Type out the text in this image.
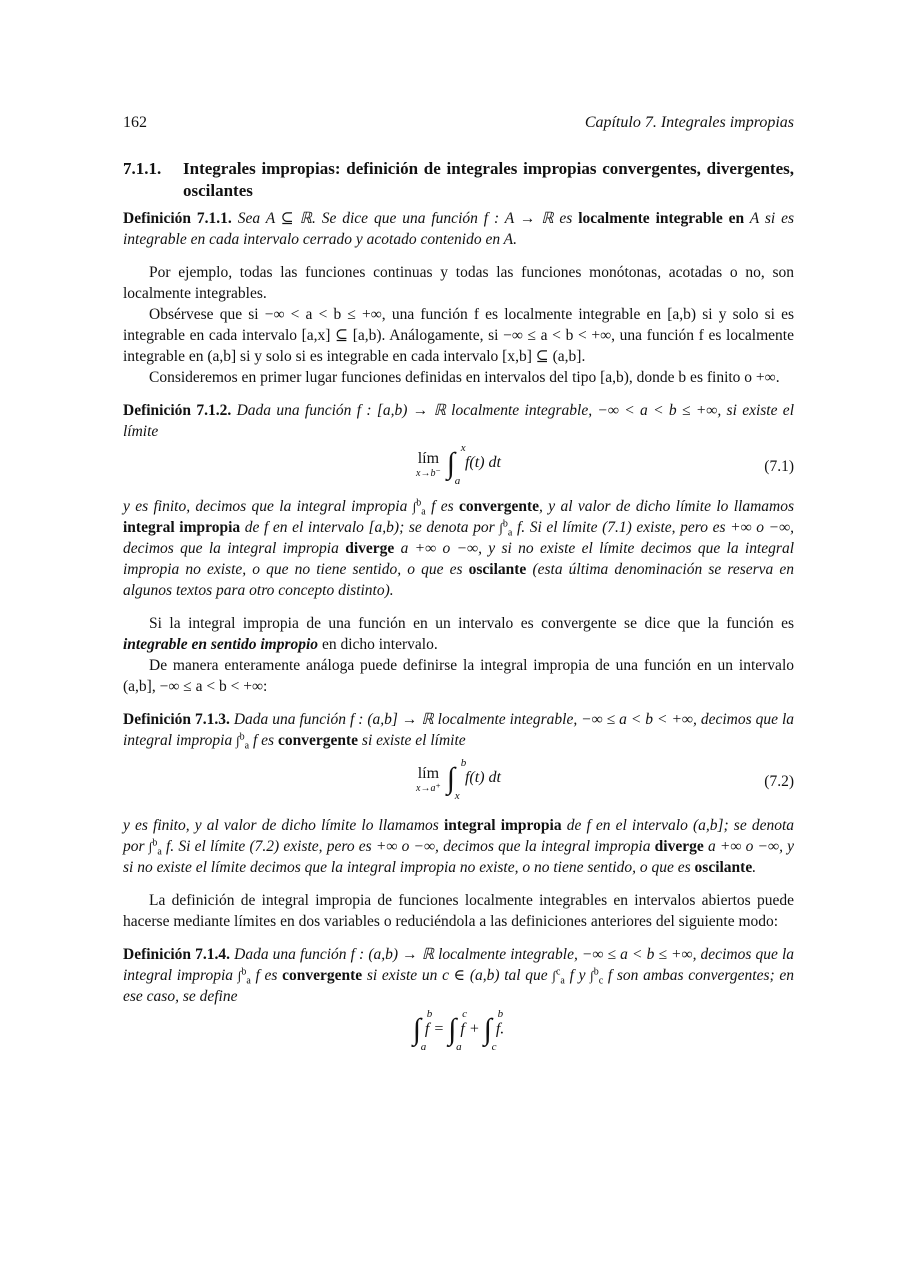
162	Capítulo 7. Integrales impropias
7.1.1. Integrales impropias: definición de integrales impropias convergentes, divergentes, oscilantes

Definición 7.1.1. Sea A ⊆ ℝ. Se dice que una función f : A → ℝ es localmente integrable en A si es integrable en cada intervalo cerrado y acotado contenido en A.

Por ejemplo, todas las funciones continuas y todas las funciones monótonas, acotadas o no, son localmente integrables.

Obsérvese que si −∞ < a < b ≤ +∞, una función f es localmente integrable en [a,b) si y solo si es integrable en cada intervalo [a,x] ⊆ [a,b). Análogamente, si −∞ ≤ a < b < +∞, una función f es localmente integrable en (a,b] si y solo si es integrable en cada intervalo [x,b] ⊆ (a,b].

Consideremos en primer lugar funciones definidas en intervalos del tipo [a,b), donde b es finito o +∞.

Definición 7.1.2. Dada una función f : [a,b) → ℝ localmente integrable, −∞ < a < b ≤ +∞, si existe el límite

lím
x→b⁻ ∫ x
a
f(t) dt	(7.1)

y es finito, decimos que la integral impropia ∫$^b_a$ f es convergente, y al valor de dicho límite lo llamamos integral impropia de f en el intervalo [a,b); se denota por ∫$^b_a$ f. Si el límite (7.1) existe, pero es +∞ o −∞, decimos que la integral impropia diverge a +∞ o −∞, y si no existe el límite decimos que la integral impropia no existe, o que no tiene sentido, o que es oscilante (esta última denominación se reserva en algunos textos para otro concepto distinto).

Si la integral impropia de una función en un intervalo es convergente se dice que la función es integrable en sentido impropio en dicho intervalo.

De manera enteramente análoga puede definirse la integral impropia de una función en un intervalo (a,b], −∞ ≤ a < b < +∞:

Definición 7.1.3. Dada una función f : (a,b] → ℝ localmente integrable, −∞ ≤ a < b < +∞, decimos que la integral impropia ∫$^b_a$ f es convergente si existe el límite

lím
x→a⁺ ∫ b
x
f(t) dt	(7.2)

y es finito, y al valor de dicho límite lo llamamos integral impropia de f en el intervalo (a,b]; se denota por ∫$^b_a$ f. Si el límite (7.2) existe, pero es +∞ o −∞, decimos que la integral impropia diverge a +∞ o −∞, y si no existe el límite decimos que la integral impropia no existe, o no tiene sentido, o que es oscilante.

La definición de integral impropia de funciones localmente integrables en intervalos abiertos puede hacerse mediante límites en dos variables o reduciéndola a las definiciones anteriores del siguiente modo:

Definición 7.1.4. Dada una función f : (a,b) → ℝ localmente integrable, −∞ ≤ a < b ≤ +∞, decimos que la integral impropia ∫$^b_a$ f es convergente si existe un c ∈ (a,b) tal que ∫$^c_a$ f y ∫$^b_c$ f son ambas convergentes; en ese caso, se define

∫ b
a
f = ∫ c
a
f + ∫ b
c
f.
